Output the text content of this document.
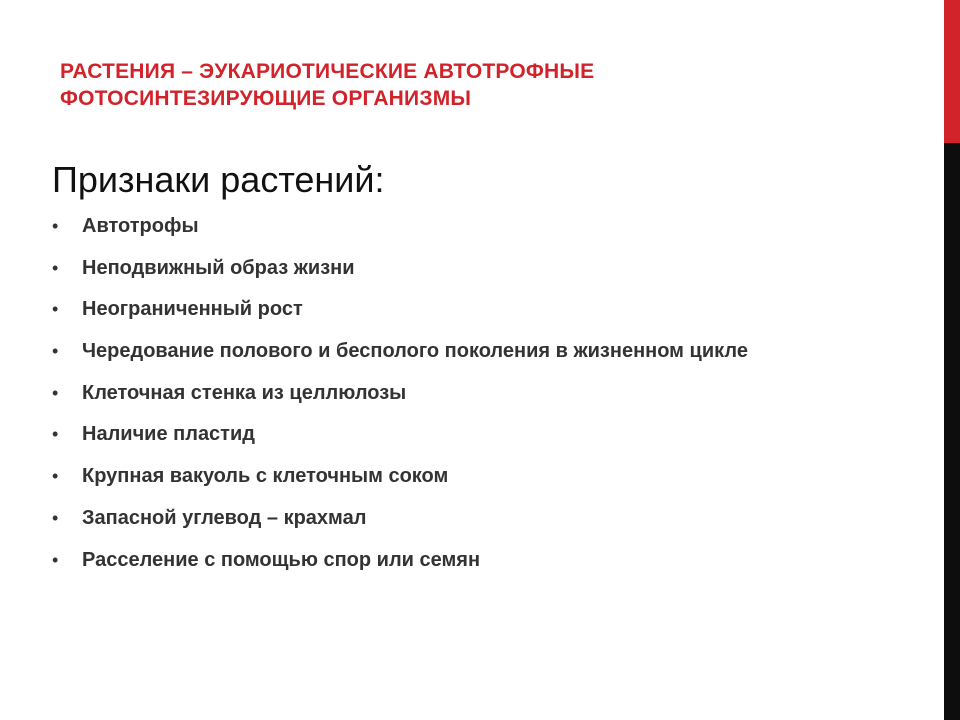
РАСТЕНИЯ – ЭУКАРИОТИЧЕСКИЕ АВТОТРОФНЫЕ
ФОТОСИНТЕЗИРУЮЩИЕ ОРГАНИЗМЫ
Признаки растений:
• Автотрофы
• Неподвижный образ жизни
• Неограниченный рост
• Чередование полового и бесполого поколения в жизненном цикле
• Клеточная стенка из целлюлозы
• Наличие пластид
• Крупная вакуоль с клеточным соком
• Запасной углевод – крахмал
• Расселение с помощью спор или семян
